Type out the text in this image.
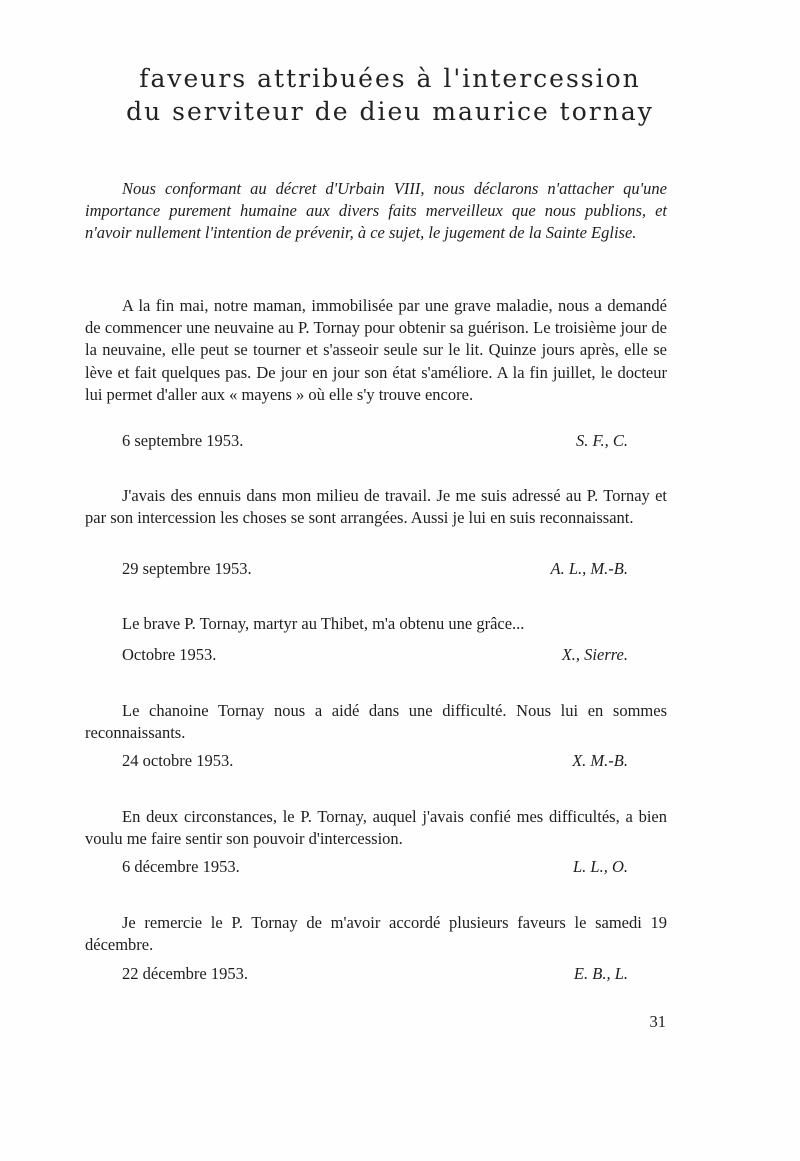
faveurs attribuées à l'intercession
du serviteur de dieu maurice tornay
Nous conformant au décret d'Urbain VIII, nous déclarons n'attacher qu'une importance purement humaine aux divers faits merveilleux que nous publions, et n'avoir nullement l'intention de prévenir, à ce sujet, le jugement de la Sainte Eglise.
A la fin mai, notre maman, immobilisée par une grave maladie, nous a demandé de commencer une neuvaine au P. Tornay pour obtenir sa guérison. Le troisième jour de la neuvaine, elle peut se tourner et s'asseoir seule sur le lit. Quinze jours après, elle se lève et fait quelques pas. De jour en jour son état s'améliore. A la fin juillet, le docteur lui permet d'aller aux « mayens » où elle s'y trouve encore.
6 septembre 1953.	S. F., C.
J'avais des ennuis dans mon milieu de travail. Je me suis adressé au P. Tornay et par son intercession les choses se sont arrangées. Aussi je lui en suis reconnaissant.
29 septembre 1953.	A. L., M.-B.
Le brave P. Tornay, martyr au Thibet, m'a obtenu une grâce...
Octobre 1953.	X., Sierre.
Le chanoine Tornay nous a aidé dans une difficulté. Nous lui en sommes reconnaissants.
24 octobre 1953.	X. M.-B.
En deux circonstances, le P. Tornay, auquel j'avais confié mes difficultés, a bien voulu me faire sentir son pouvoir d'intercession.
6 décembre 1953.	L. L., O.
Je remercie le P. Tornay de m'avoir accordé plusieurs faveurs le samedi 19 décembre.
22 décembre 1953.	E. B., L.
31
